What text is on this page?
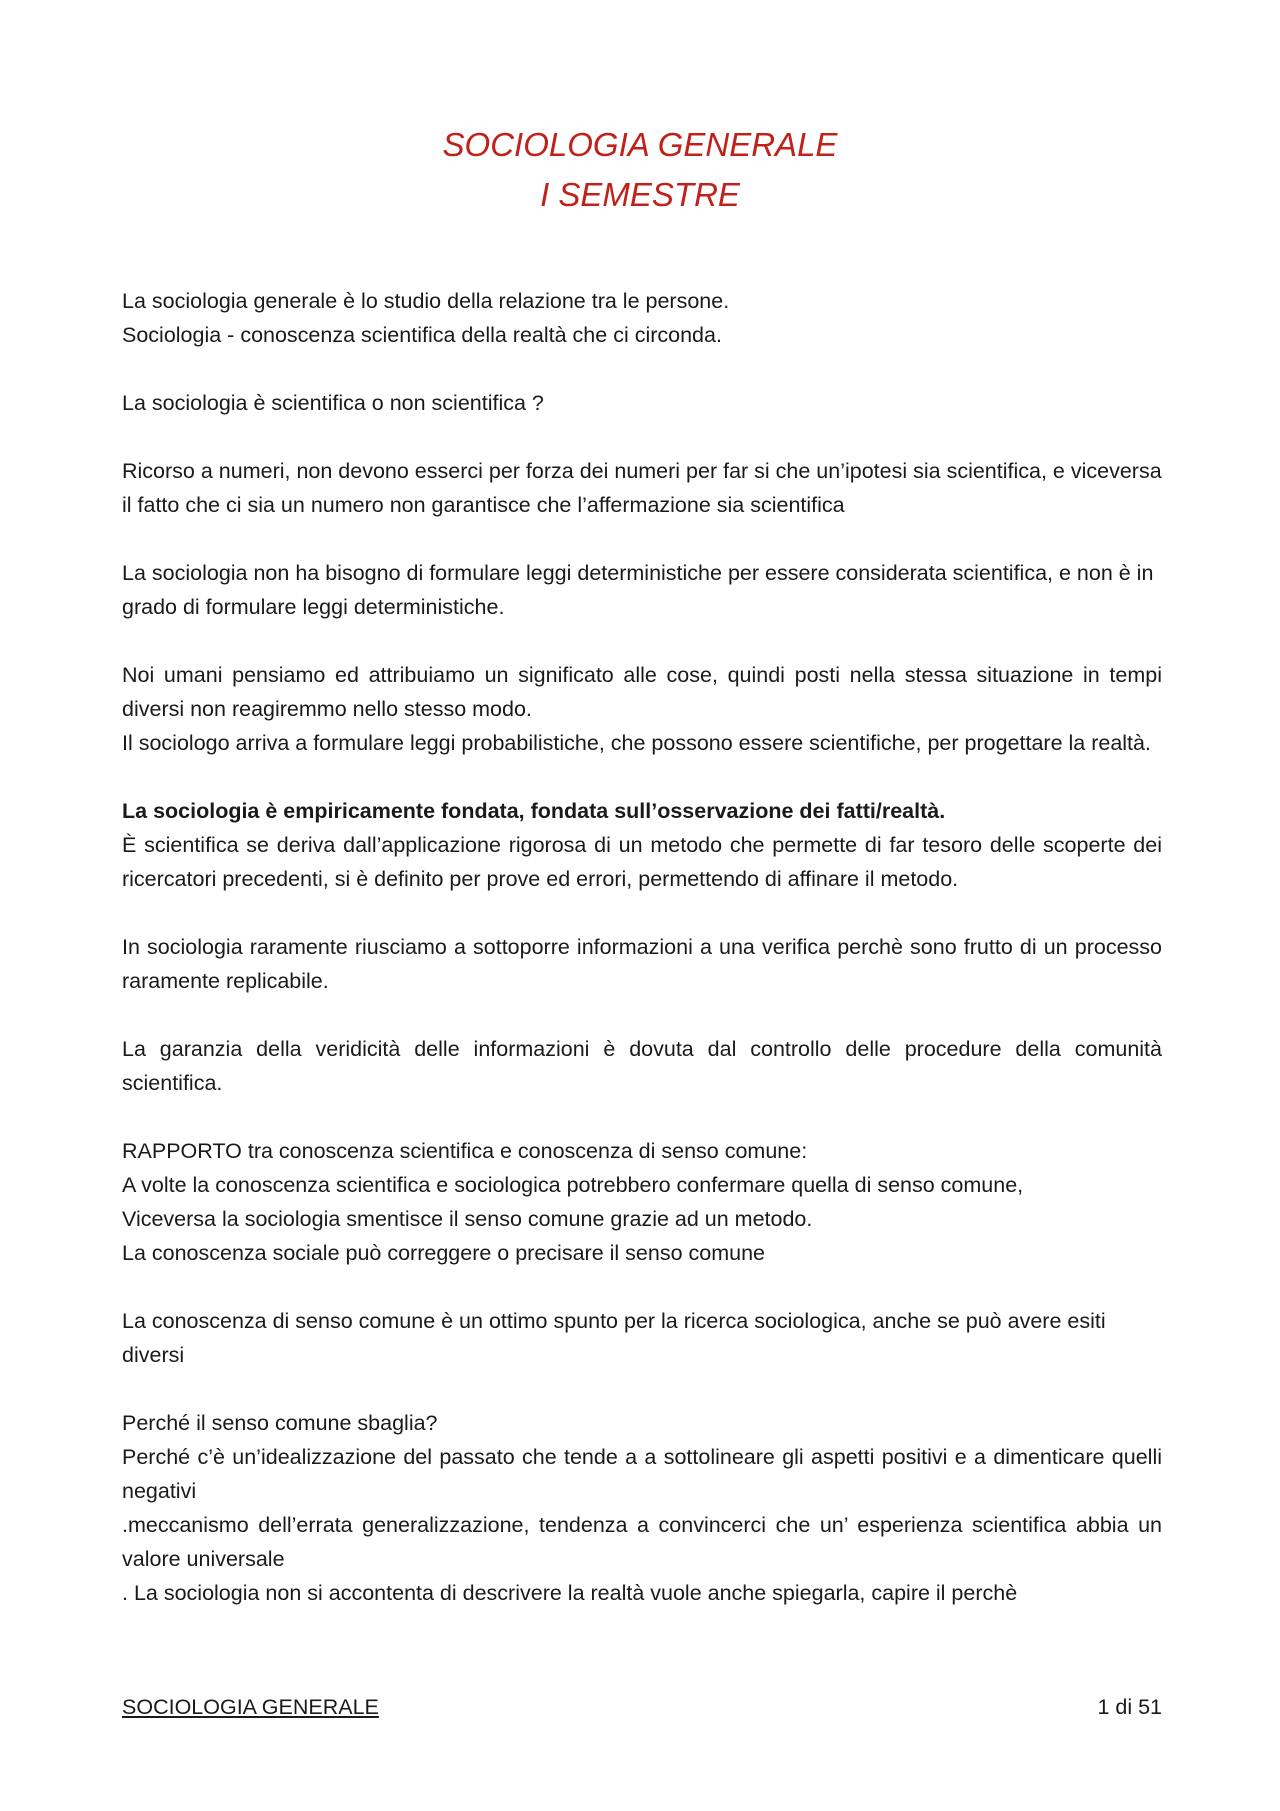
SOCIOLOGIA GENERALE
I SEMESTRE
La sociologia generale è lo studio della relazione tra le persone.
Sociologia - conoscenza scientifica della realtà che ci circonda.
La sociologia è scientifica o non scientifica ?
Ricorso a numeri, non devono esserci per forza dei numeri per far si che un’ipotesi sia scientifica, e viceversa il fatto che ci sia un numero non garantisce che l’affermazione sia scientifica
La sociologia non ha bisogno di formulare leggi deterministiche per essere considerata scientifica, e non è in grado di formulare leggi deterministiche.
Noi umani pensiamo ed attribuiamo un significato alle cose, quindi posti nella stessa situazione in tempi diversi non reagiremmo nello stesso modo.
Il sociologo arriva a formulare leggi probabilistiche, che possono essere scientifiche, per progettare la realtà.
La sociologia è empiricamente fondata, fondata sull’osservazione dei fatti/realtà.
È scientifica se deriva dall’applicazione rigorosa di un metodo che permette di far tesoro delle scoperte dei ricercatori precedenti, si è definito per prove ed errori, permettendo di affinare il metodo.
In sociologia raramente riusciamo a sottoporre informazioni a una verifica perchè sono frutto di un processo raramente replicabile.
La garanzia della veridicità delle informazioni è dovuta dal controllo delle procedure della comunità scientifica.
RAPPORTO tra conoscenza scientifica e conoscenza di senso comune:
A volte la conoscenza scientifica e sociologica potrebbero confermare quella di senso comune,
Viceversa la sociologia smentisce il senso comune grazie ad un metodo.
La conoscenza sociale può correggere o precisare il senso comune
La conoscenza di senso comune è un ottimo spunto per la ricerca sociologica, anche se può avere esiti diversi
Perché il senso comune sbaglia?
Perché c’è un’idealizzazione del passato che tende a a sottolineare gli aspetti positivi e a dimenticare quelli negativi
.meccanismo dell’errata generalizzazione, tendenza a convincerci che un’ esperienza scientifica abbia un valore universale
. La sociologia non si accontenta di descrivere la realtà vuole anche spiegarla, capire il perchè
SOCIOLOGIA GENERALE	1 di 51
